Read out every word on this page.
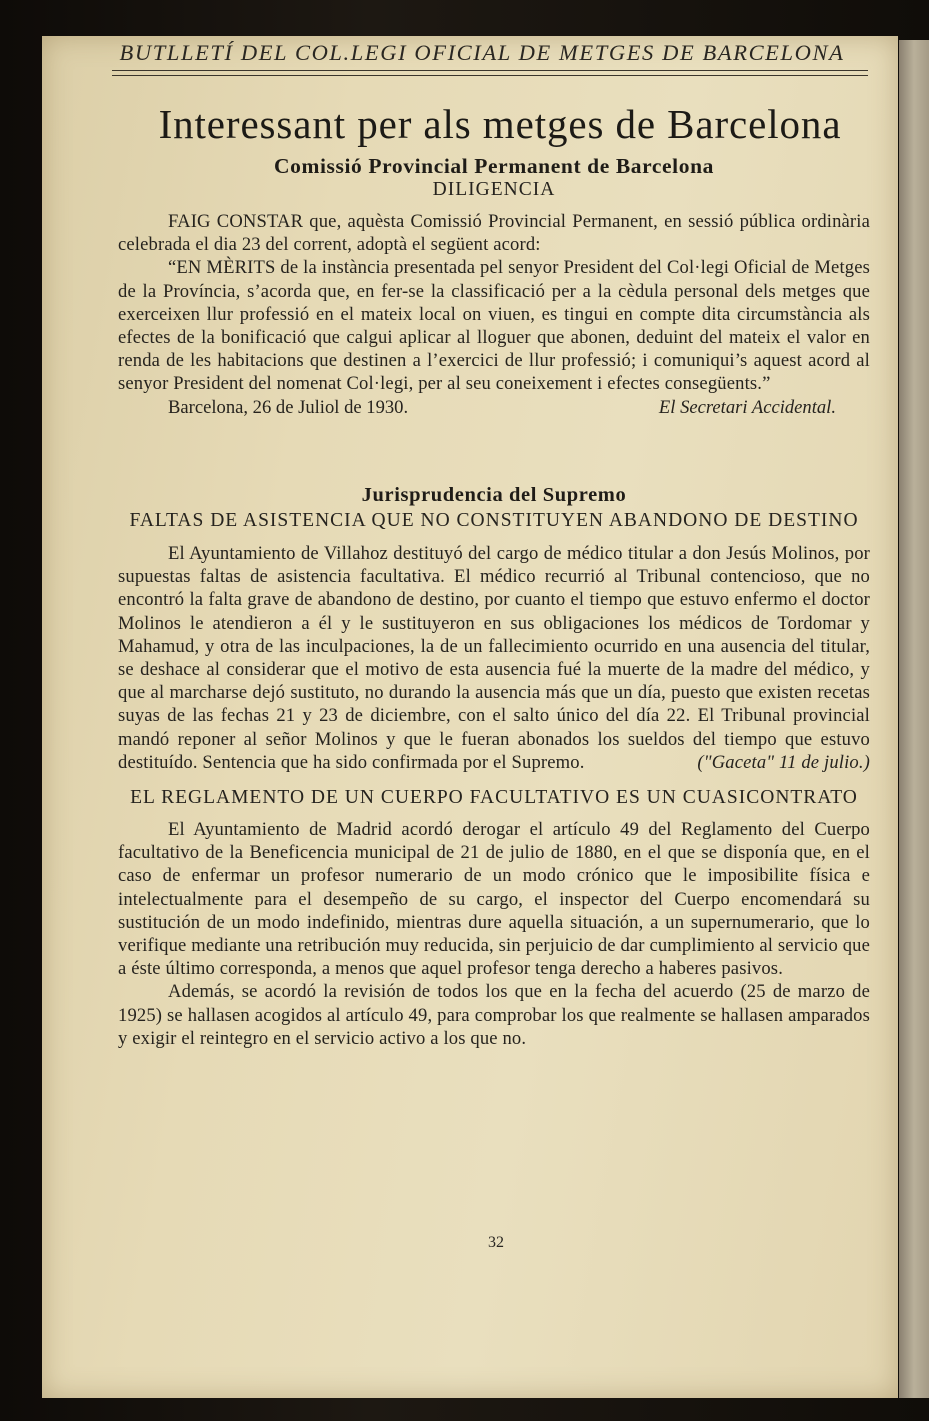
BUTLLETÍ DEL COL.LEGI OFICIAL DE METGES DE BARCELONA
Interessant per als metges de Barcelona

Comissió Provincial Permanent de Barcelona

DILIGENCIA

FAIG CONSTAR que, aquèsta Comissió Provincial Permanent, en sessió pública ordinària celebrada el dia 23 del corrent, adoptà el següent acord:

“EN MÈRITS de la instància presentada pel senyor President del Col·legi Oficial de Metges de la Província, s’acorda que, en fer-se la classificació per a la cèdula personal dels metges que exerceixen llur professió en el mateix local on viuen, es tingui en compte dita circumstància als efectes de la bonificació que calgui aplicar al lloguer que abonen, deduint del mateix el valor en renda de les habitacions que destinen a l’exercici de llur professió; i comuniqui’s aquest acord al senyor President del nomenat Col·legi, per al seu coneixement i efectes consegüents.”

Barcelona, 26 de Juliol de 1930.	El Secretari Accidental.

Jurisprudencia del Supremo

FALTAS DE ASISTENCIA QUE NO CONSTITUYEN ABANDONO DE DESTINO

El Ayuntamiento de Villahoz destituyó del cargo de médico titular a don Jesús Molinos, por supuestas faltas de asistencia facultativa. El médico recurrió al Tribunal contencioso, que no encontró la falta grave de abandono de destino, por cuanto el tiempo que estuvo enfermo el doctor Molinos le atendieron a él y le sustituyeron en sus obligaciones los médicos de Tordomar y Mahamud, y otra de las inculpaciones, la de un fallecimiento ocurrido en una ausencia del titular, se deshace al considerar que el motivo de esta ausencia fué la muerte de la madre del médico, y que al marcharse dejó sustituto, no durando la ausencia más que un día, puesto que existen recetas suyas de las fechas 21 y 23 de diciembre, con el salto único del día 22. El Tribunal provincial mandó reponer al señor Molinos y que le fueran abonados los sueldos del tiempo que estuvo destituído. Sentencia que ha sido confirmada por el Supremo.	("Gaceta" 11 de julio.)

EL REGLAMENTO DE UN CUERPO FACULTATIVO ES UN CUASICONTRATO

El Ayuntamiento de Madrid acordó derogar el artículo 49 del Reglamento del Cuerpo facultativo de la Beneficencia municipal de 21 de julio de 1880, en el que se disponía que, en el caso de enfermar un profesor numerario de un modo crónico que le imposibilite física e intelectualmente para el desempeño de su cargo, el inspector del Cuerpo encomendará su sustitución de un modo indefinido, mientras dure aquella situación, a un supernumerario, que lo verifique mediante una retribución muy reducida, sin perjuicio de dar cumplimiento al servicio que a éste último corresponda, a menos que aquel profesor tenga derecho a haberes pasivos.

Además, se acordó la revisión de todos los que en la fecha del acuerdo (25 de marzo de 1925) se hallasen acogidos al artículo 49, para comprobar los que realmente se hallasen amparados y exigir el reintegro en el servicio activo a los que no.

32
